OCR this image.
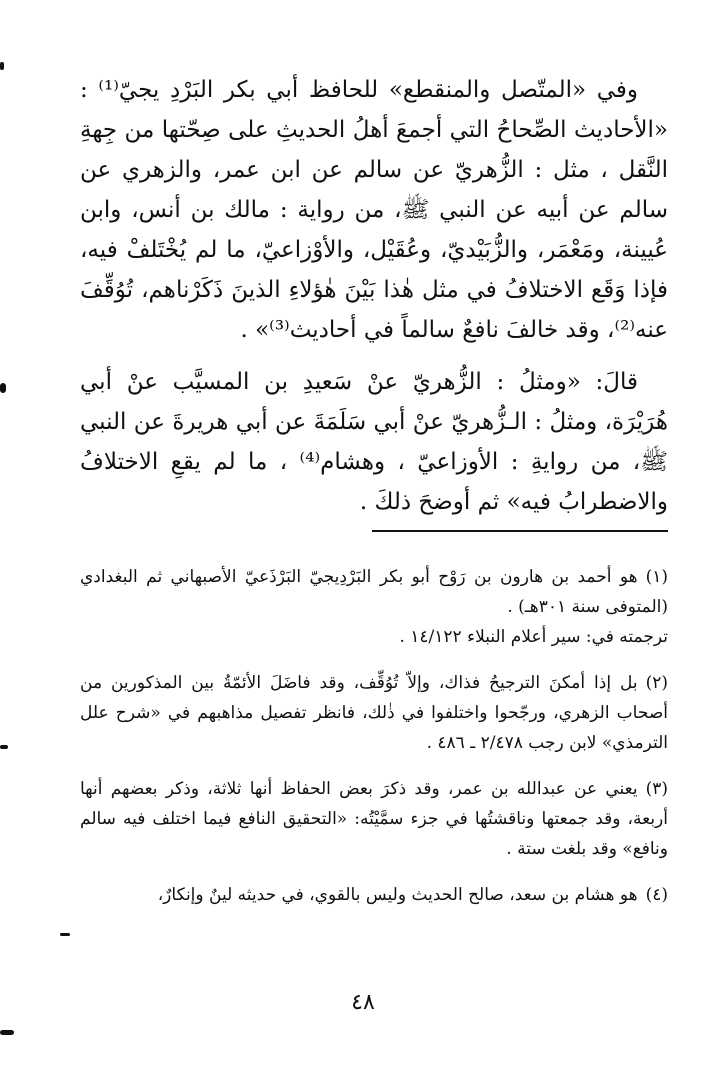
وفي «المتّصل والمنقطع» للحافظ أبي بكر البَرْدِ يجيّ⁽¹⁾ : «الأحاديث الصِّحاحُ التي أجمعَ أهلُ الحديثِ على صِحّتها من جِهةِ النَّقل ، مثل : الزُّهريّ عن سالم عن ابن عمر، والزهري عن سالم عن أبيه عن النبي ﷺ، من رواية : مالك بن أنس، وابن عُيينة، ومَعْمَر، والزُّبَيْديّ، وعُقَيْل، والأوْزاعيّ، ما لم يُخْتَلفْ فيه، فإذا وَقَع الاختلافُ في مثل هٰذا بَيْنَ هٰؤلاءِ الذينَ ذَكَرْناهم، تُوُقِّفَ عنه⁽²⁾، وقد خالفَ نافعٌ سالماً في أحاديث⁽³⁾» .

قالَ: «ومثلُ : الزُّهريّ عنْ سَعيدِ بن المسيَّب عنْ أبي هُرَيْرَة، ومثلُ : الـزُّهريّ عنْ أبي سَلَمَةَ عن أبي هريرةَ عن النبي ﷺ، من روايةِ : الأوزاعيّ ، وهشام⁽⁴⁾ ، ما لم يقعِ الاختلافُ والاضطرابُ فيه» ثم أوضحَ ذلكَ .

(١)هو أحمد بن هارون بن رَوْح أبو بكر البَرْدِيجيّ البَرْذَعيّ الأصبهاني ثم البغدادي (المتوفى سنة ٣٠١هـ) .
ترجمته في: سير أعلام النبلاء ١٤/١٢٢ .
(٢)بل إذا أمكنَ الترجيحُ فذاك، وإلاّ تُوُقِّف، وقد فاضَلَ الأئمّةُ بين المذكورين من أصحاب الزهري، ورجّحوا واختلفوا في ذٰلك، فانظر تفصيل مذاهبهم في «شرح علل الترمذي» لابن رجب ٢/٤٧٨ ـ ٤٨٦ .
(٣)يعني عن عبدالله بن عمر، وقد ذكرَ بعض الحفاظ أنها ثلاثة، وذكر بعضهم أنها أربعة، وقد جمعتها وناقشتُها في جزء سمَّيْتُه: «التحقيق النافع فيما اختلف فيه سالم ونافع» وقد بلغت ستة .
(٤)هو هشام بن سعد، صالح الحديث وليس بالقوي، في حديثه لينٌ وإنكارٌ،
٤٨
